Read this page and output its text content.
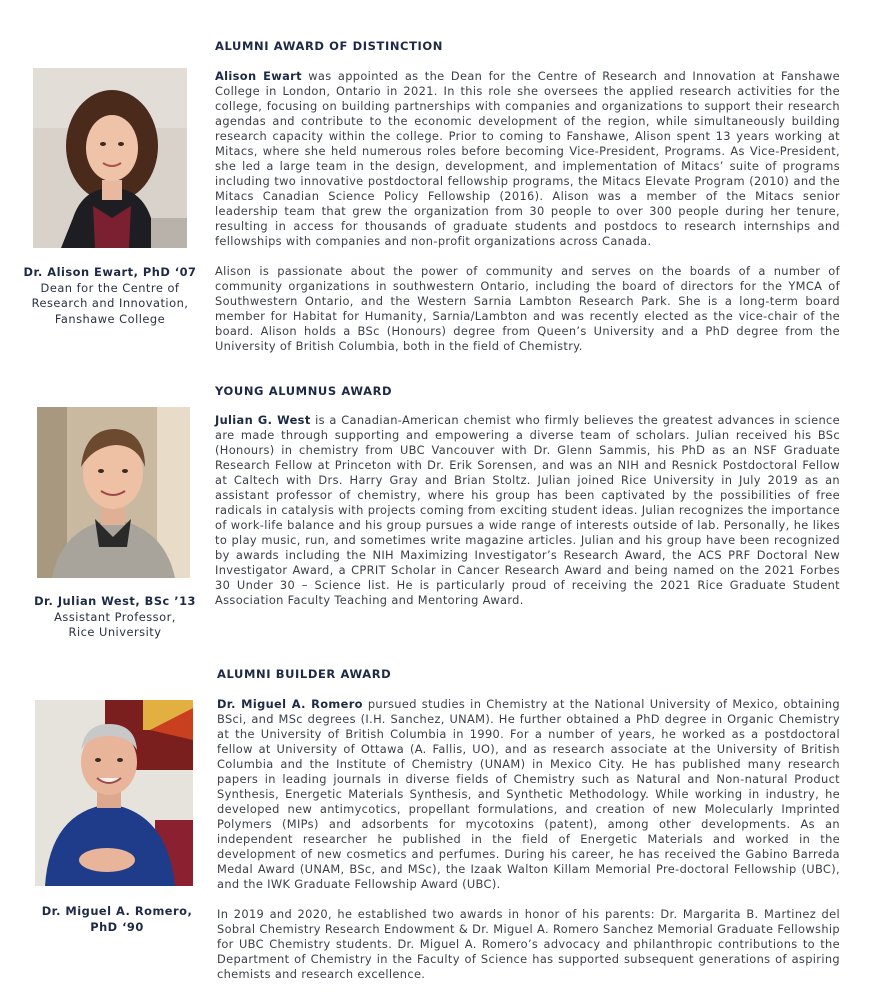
ALUMNI AWARD OF DISTINCTION
Dr. Alison Ewart, PhD ‘07
Dean for the Centre of
Research and Innovation,
Fanshawe College

Alison Ewart was appointed as the Dean for the Centre of Research and Innovation at Fanshawe College in London, Ontario in 2021. In this role she oversees the applied research activities for the college, focusing on building partnerships with companies and organizations to support their research agendas and contribute to the economic development of the region, while simultaneously building research capacity within the college. Prior to coming to Fanshawe, Alison spent 13 years working at Mitacs, where she held numerous roles before becoming Vice-President, Programs. As Vice-President, she led a large team in the design, development, and implementation of Mitacs’ suite of programs including two innovative postdoctoral fellowship programs, the Mitacs Elevate Program (2010) and the Mitacs Canadian Science Policy Fellowship (2016). Alison was a member of the Mitacs senior leadership team that grew the organization from 30 people to over 300 people during her tenure, resulting in access for thousands of graduate students and postdocs to research internships and fellowships with companies and non-profit organizations across Canada.

Alison is passionate about the power of community and serves on the boards of a number of community organizations in southwestern Ontario, including the board of directors for the YMCA of Southwestern Ontario, and the Western Sarnia Lambton Research Park. She is a long-term board member for Habitat for Humanity, Sarnia/Lambton and was recently elected as the vice-chair of the board. Alison holds a BSc (Honours) degree from Queen’s University and a PhD degree from the University of British Columbia, both in the field of Chemistry.

YOUNG ALUMNUS AWARD
Dr. Julian West, BSc ’13
Assistant Professor,
Rice University

Julian G. West is a Canadian-American chemist who firmly believes the greatest advances in science are made through supporting and empowering a diverse team of scholars. Julian received his BSc (Honours) in chemistry from UBC Vancouver with Dr. Glenn Sammis, his PhD as an NSF Graduate Research Fellow at Princeton with Dr. Erik Sorensen, and was an NIH and Resnick Postdoctoral Fellow at Caltech with Drs. Harry Gray and Brian Stoltz. Julian joined Rice University in July 2019 as an assistant professor of chemistry, where his group has been captivated by the possibilities of free radicals in catalysis with projects coming from exciting student ideas. Julian recognizes the importance of work-life balance and his group pursues a wide range of interests outside of lab. Personally, he likes to play music, run, and sometimes write magazine articles. Julian and his group have been recognized by awards including the NIH Maximizing Investigator’s Research Award, the ACS PRF Doctoral New Investigator Award, a CPRIT Scholar in Cancer Research Award and being named on the 2021 Forbes 30 Under 30 – Science list. He is particularly proud of receiving the 2021 Rice Graduate Student Association Faculty Teaching and Mentoring Award.

ALUMNI BUILDER AWARD
Dr. Miguel A. Romero,
PhD ‘90

Dr. Miguel A. Romero pursued studies in Chemistry at the National University of Mexico, obtaining BSci, and MSc degrees (I.H. Sanchez, UNAM). He further obtained a PhD degree in Organic Chemistry at the University of British Columbia in 1990. For a number of years, he worked as a postdoctoral fellow at University of Ottawa (A. Fallis, UO), and as research associate at the University of British Columbia and the Institute of Chemistry (UNAM) in Mexico City. He has published many research papers in leading journals in diverse fields of Chemistry such as Natural and Non-natural Product Synthesis, Energetic Materials Synthesis, and Synthetic Methodology. While working in industry, he developed new antimycotics, propellant formulations, and creation of new Molecularly Imprinted Polymers (MIPs) and adsorbents for mycotoxins (patent), among other developments. As an independent researcher he published in the field of Energetic Materials and worked in the development of new cosmetics and perfumes. During his career, he has received the Gabino Barreda Medal Award (UNAM, BSc, and MSc), the Izaak Walton Killam Memorial Pre-doctoral Fellowship (UBC), and the IWK Graduate Fellowship Award (UBC).

In 2019 and 2020, he established two awards in honor of his parents: Dr. Margarita B. Martinez del Sobral Chemistry Research Endowment & Dr. Miguel A. Romero Sanchez Memorial Graduate Fellowship for UBC Chemistry students. Dr. Miguel A. Romero’s advocacy and philanthropic contributions to the Department of Chemistry in the Faculty of Science has supported subsequent generations of aspiring chemists and research excellence.
